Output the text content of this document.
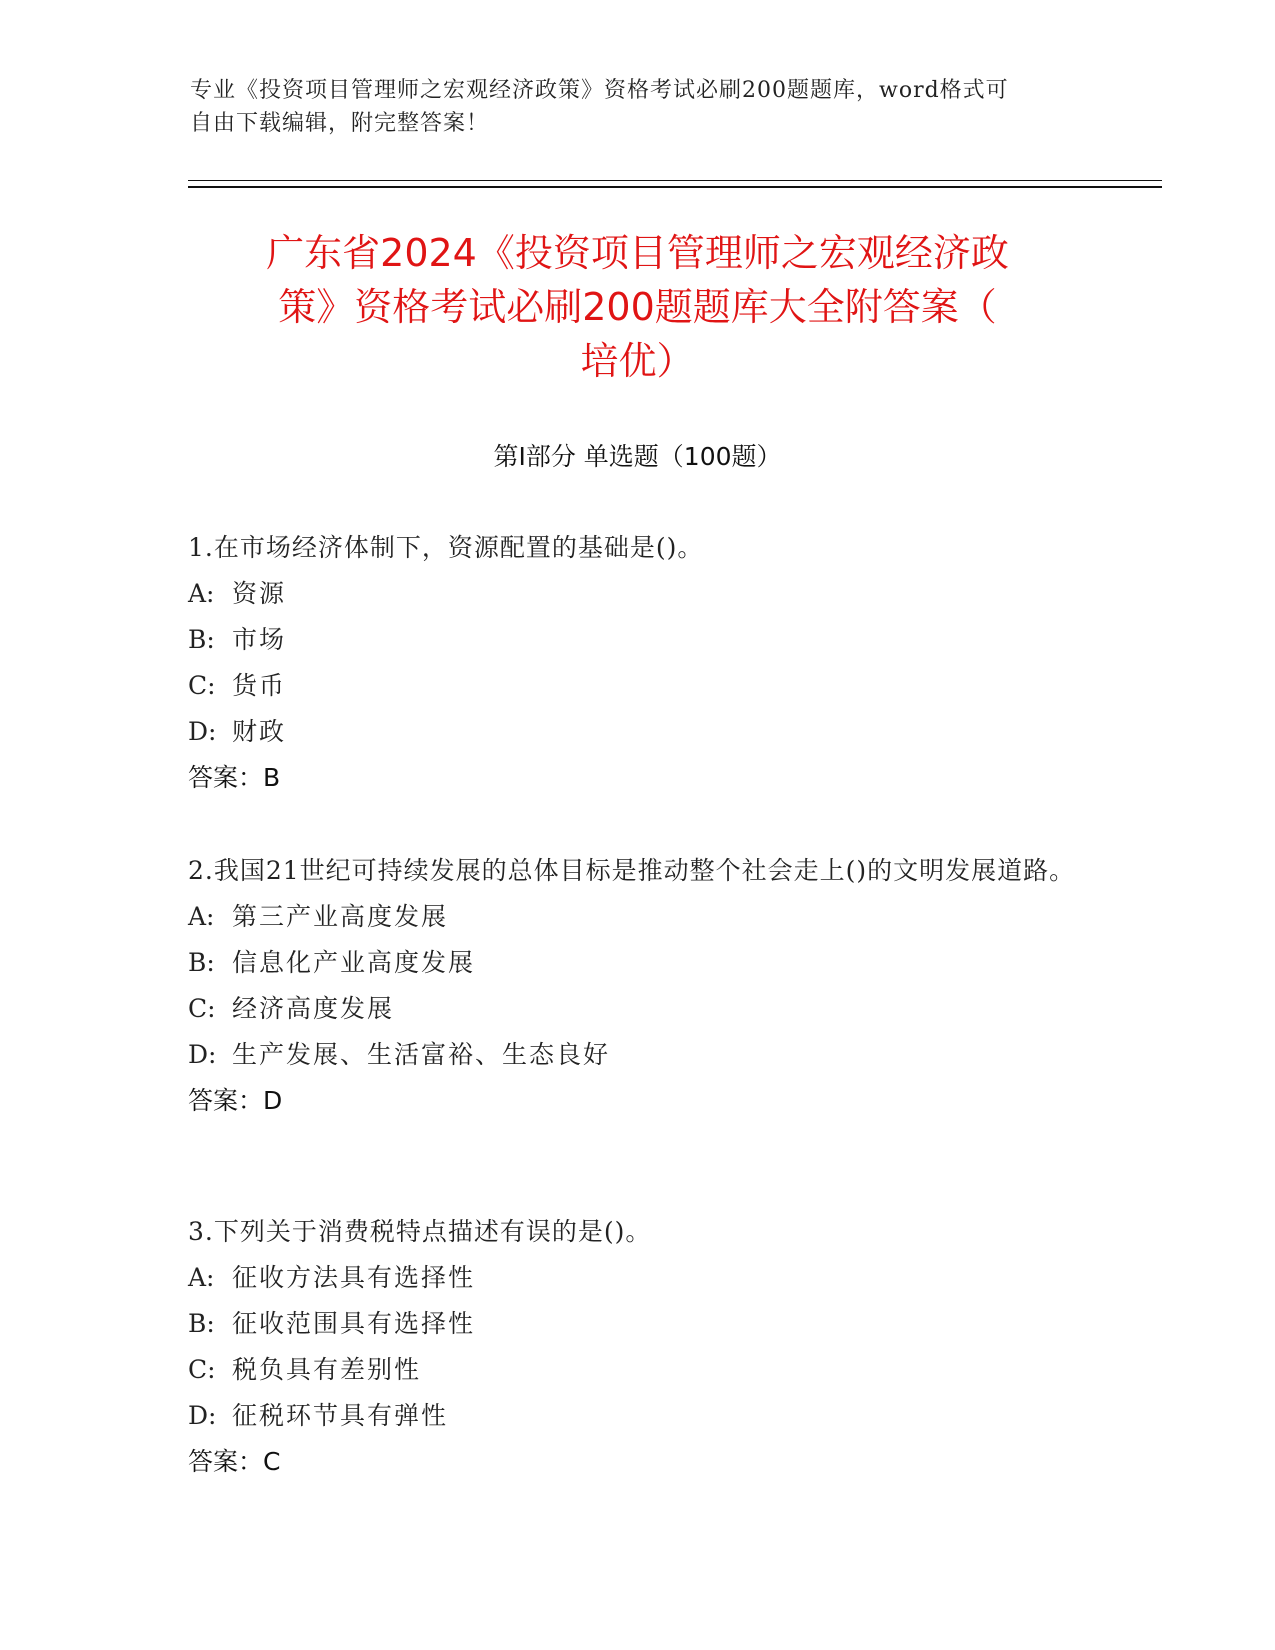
专业《投资项目管理师之宏观经济政策》资格考试必刷200题题库，word格式可
自由下载编辑，附完整答案！
广东省2024《投资项目管理师之宏观经济政
策》资格考试必刷200题题库大全附答案（
培优）
第Ⅰ部分 单选题（100题）
1.在市场经济体制下，资源配置的基础是()。
A: 资源
B: 市场
C: 货币
D: 财政
答案：B
2.我国21世纪可持续发展的总体目标是推动整个社会走上()的文明发展道路。
A: 第三产业高度发展
B: 信息化产业高度发展
C: 经济高度发展
D: 生产发展、生活富裕、生态良好
答案：D
3.下列关于消费税特点描述有误的是()。
A: 征收方法具有选择性
B: 征收范围具有选择性
C: 税负具有差别性
D: 征税环节具有弹性
答案：C
